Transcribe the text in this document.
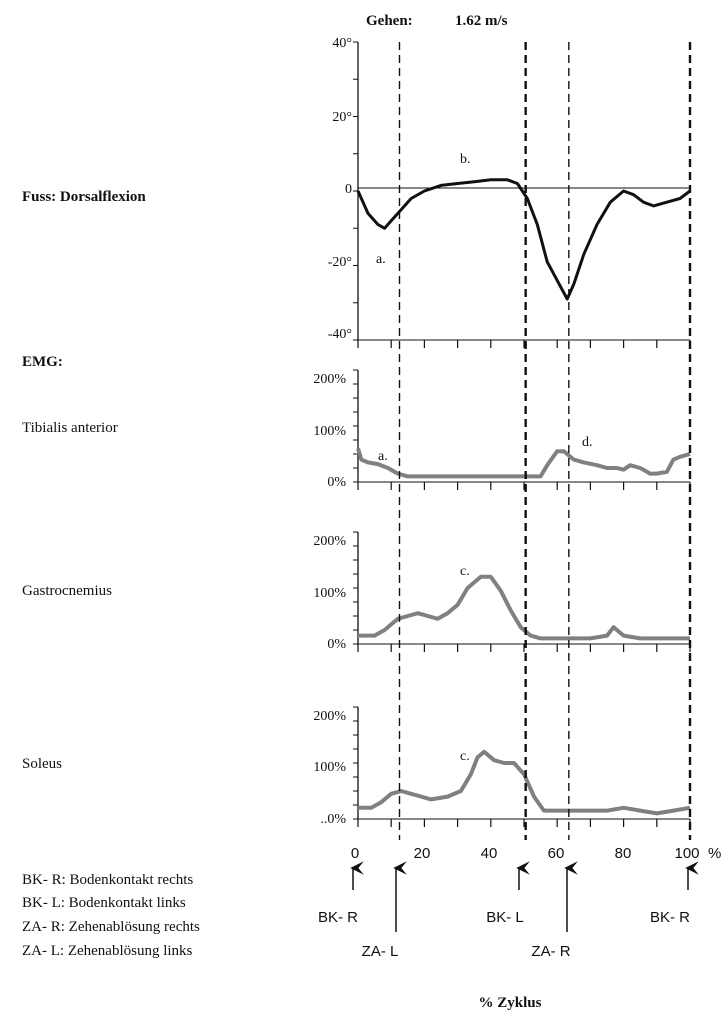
Gehen:	1.62 m/s
Fuss: Dorsalflexion
EMG:
Tibialis anterior
Gastrocnemius
Soleus
40°
20°
0
-20°
-40°
a.
b.
200%
100%
0%
a.
d.
200%
100%
0%
c.
200%
100%
..0%
c.
0	20	40	60	80	100 %
BK- R
ZA- L
BK- L
ZA- R
BK- R
BK- R: Bodenkontakt rechts
BK- L: Bodenkontakt links
ZA- R: Zehenablösung rechts
ZA- L: Zehenablösung links
% Zyklus
